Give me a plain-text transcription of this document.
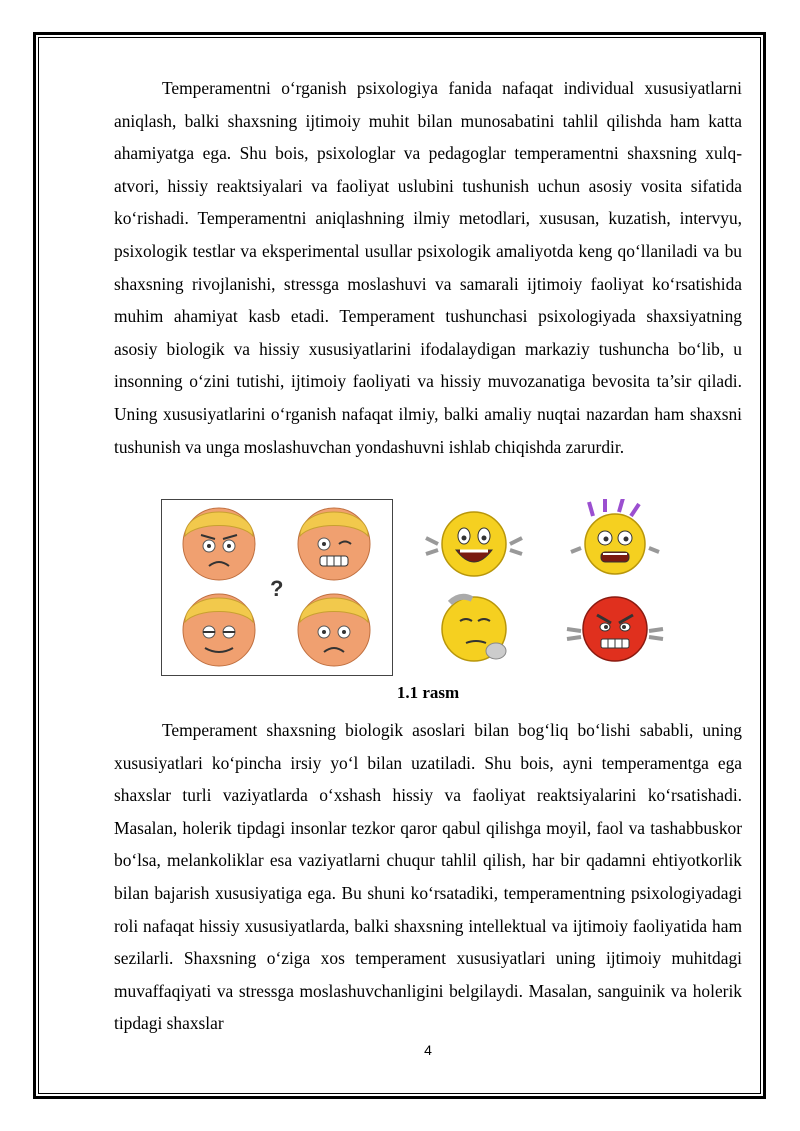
Temperamentni o‘rganish psixologiya fanida nafaqat individual xususiyatlarni aniqlash, balki shaxsning ijtimoiy muhit bilan munosabatini tahlil qilishda ham katta ahamiyatga ega. Shu bois, psixologlar va pedagoglar temperamentni shaxsning xulq-atvori, hissiy reaktsiyalari va faoliyat uslubini tushunish uchun asosiy vosita sifatida ko‘rishadi. Temperamentni aniqlashning ilmiy metodlari, xususan, kuzatish, intervyu, psixologik testlar va eksperimental usullar psixologik amaliyotda keng qo‘llaniladi va bu shaxsning rivojlanishi, stressga moslashuvi va samarali ijtimoiy faoliyat ko‘rsatishida muhim ahamiyat kasb etadi. Temperament tushunchasi psixologiyada shaxsiyatning asosiy biologik va hissiy xususiyatlarini ifodalaydigan markaziy tushuncha bo‘lib, u insonning o‘zini tutishi, ijtimoiy faoliyati va hissiy muvozanatiga bevosita ta’sir qiladi. Uning xususiyatlarini o‘rganish nafaqat ilmiy, balki amaliy nuqtai nazardan ham shaxsni tushunish va unga moslashuvchan yondashuvni ishlab chiqishda zarurdir.

1.1 rasm

Temperament shaxsning biologik asoslari bilan bog‘liq bo‘lishi sababli, uning xususiyatlari ko‘pincha irsiy yo‘l bilan uzatiladi. Shu bois, ayni temperamentga ega shaxslar turli vaziyatlarda o‘xshash hissiy va faoliyat reaktsiyalarini ko‘rsatishadi. Masalan, holerik tipdagi insonlar tezkor qaror qabul qilishga moyil, faol va tashabbuskor bo‘lsa, melankoliklar esa vaziyatlarni chuqur tahlil qilish, har bir qadamni ehtiyotkorlik bilan bajarish xususiyatiga ega. Bu shuni ko‘rsatadiki, temperamentning psixologiyadagi roli nafaqat hissiy xususiyatlarda, balki shaxsning intellektual va ijtimoiy faoliyatida ham sezilarli. Shaxsning o‘ziga xos temperament xususiyatlari uning ijtimoiy muhitdagi muvaffaqiyati va stressga moslashuvchanligini belgilaydi. Masalan, sanguinik va holerik tipdagi shaxslar

4
?
